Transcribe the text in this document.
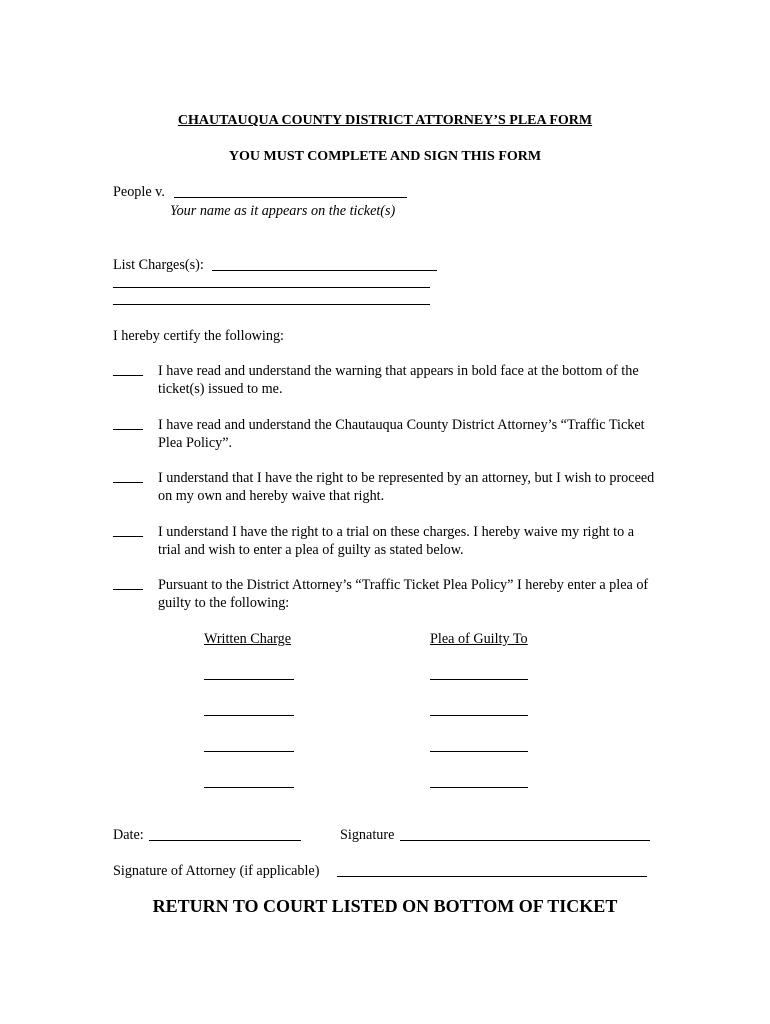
CHAUTAUQUA COUNTY DISTRICT ATTORNEY’S PLEA FORM
YOU MUST COMPLETE AND SIGN THIS FORM
People v.
Your name as it appears on the ticket(s)
List Charges(s):
I hereby certify the following:
I have read and understand the warning that appears in bold face at the bottom of the ticket(s) issued to me.
I have read and understand the Chautauqua County District Attorney’s “Traffic Ticket Plea Policy”.
I understand that I have the right to be represented by an attorney, but I wish to proceed on my own and hereby waive that right.
I understand I have the right to a trial on these charges. I hereby waive my right to a trial and wish to enter a plea of guilty as stated below.
Pursuant to the District Attorney’s “Traffic Ticket Plea Policy” I hereby enter a plea of guilty to the following:
Written Charge	Plea of Guilty To
Date:	Signature
Signature of Attorney (if applicable)
RETURN TO COURT LISTED ON BOTTOM OF TICKET
